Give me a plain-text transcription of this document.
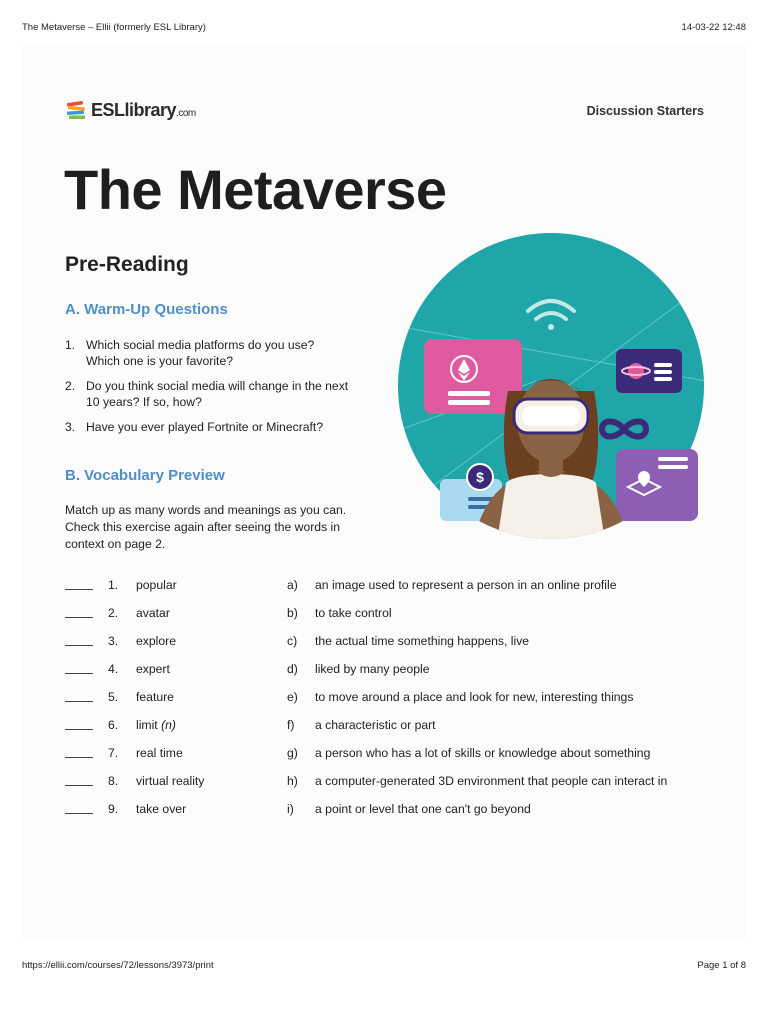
The Metaverse – Ellii (formerly ESL Library)	14-03-22 12:48
ESLlibrary.com	Discussion Starters
The Metaverse
Pre-Reading
A. Warm-Up Questions
1. Which social media platforms do you use?
Which one is your favorite?
2. Do you think social media will change in the next
10 years? If so, how?
3. Have you ever played Fortnite or Minecraft?
B. Vocabulary Preview
Match up as many words and meanings as you can.
Check this exercise again after seeing the words in
context on page 2.
1. popular	a) an image used to represent a person in an online profile
2. avatar	b) to take control
3. explore	c) the actual time something happens, live
4. expert	d) liked by many people
5. feature	e) to move around a place and look for new, interesting things
6. limit (n)	f) a characteristic or part
7. real time	g) a person who has a lot of skills or knowledge about something
8. virtual reality	h) a computer-generated 3D environment that people can interact in
9. take over	i) a point or level that one can't go beyond
$
https://ellii.com/courses/72/lessons/3973/print	Page 1 of 8
